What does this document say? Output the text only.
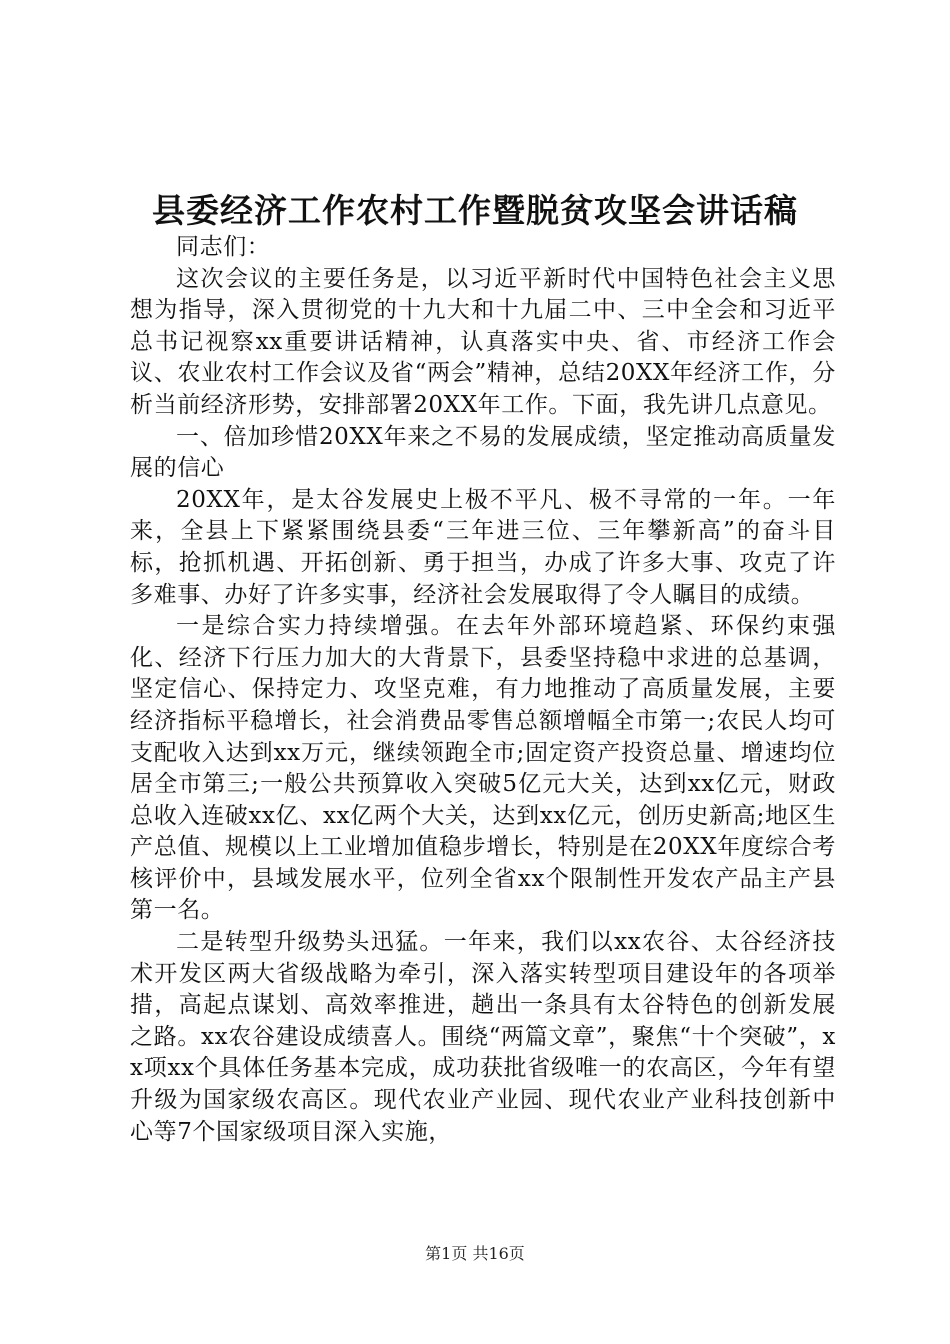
县委经济工作农村工作暨脱贫攻坚会讲话稿

同志们：

这次会议的主要任务是，以习近平新时代中国特色社会主义思想为指导，深入贯彻党的十九大和十九届二中、三中全会和习近平总书记视察xx重要讲话精神，认真落实中央、省、市经济工作会议、农业农村工作会议及省“两会”精神，总结20XX年经济工作，分析当前经济形势，安排部署20XX年工作。下面，我先讲几点意见。

一、倍加珍惜20XX年来之不易的发展成绩，坚定推动高质量发展的信心

20XX年，是太谷发展史上极不平凡、极不寻常的一年。一年来，全县上下紧紧围绕县委“三年进三位、三年攀新高”的奋斗目标，抢抓机遇、开拓创新、勇于担当，办成了许多大事、攻克了许多难事、办好了许多实事，经济社会发展取得了令人瞩目的成绩。

一是综合实力持续增强。在去年外部环境趋紧、环保约束强化、经济下行压力加大的大背景下，县委坚持稳中求进的总基调，坚定信心、保持定力、攻坚克难，有力地推动了高质量发展，主要经济指标平稳增长，社会消费品零售总额增幅全市第一;农民人均可支配收入达到xx万元，继续领跑全市;固定资产投资总量、增速均位居全市第三;一般公共预算收入突破5亿元大关，达到xx亿元，财政总收入连破xx亿、xx亿两个大关，达到xx亿元，创历史新高;地区生产总值、规模以上工业增加值稳步增长，特别是在20XX年度综合考核评价中，县域发展水平，位列全省xx个限制性开发农产品主产县第一名。

二是转型升级势头迅猛。一年来，我们以xx农谷、太谷经济技术开发区两大省级战略为牵引，深入落实转型项目建设年的各项举措，高起点谋划、高效率推进，趟出一条具有太谷特色的创新发展之路。xx农谷建设成绩喜人。围绕“两篇文章”，聚焦“十个突破”，xx项xx个具体任务基本完成，成功获批省级唯一的农高区，今年有望升级为国家级农高区。现代农业产业园、现代农业产业科技创新中心等7个国家级项目深入实施，

第1页 共16页
